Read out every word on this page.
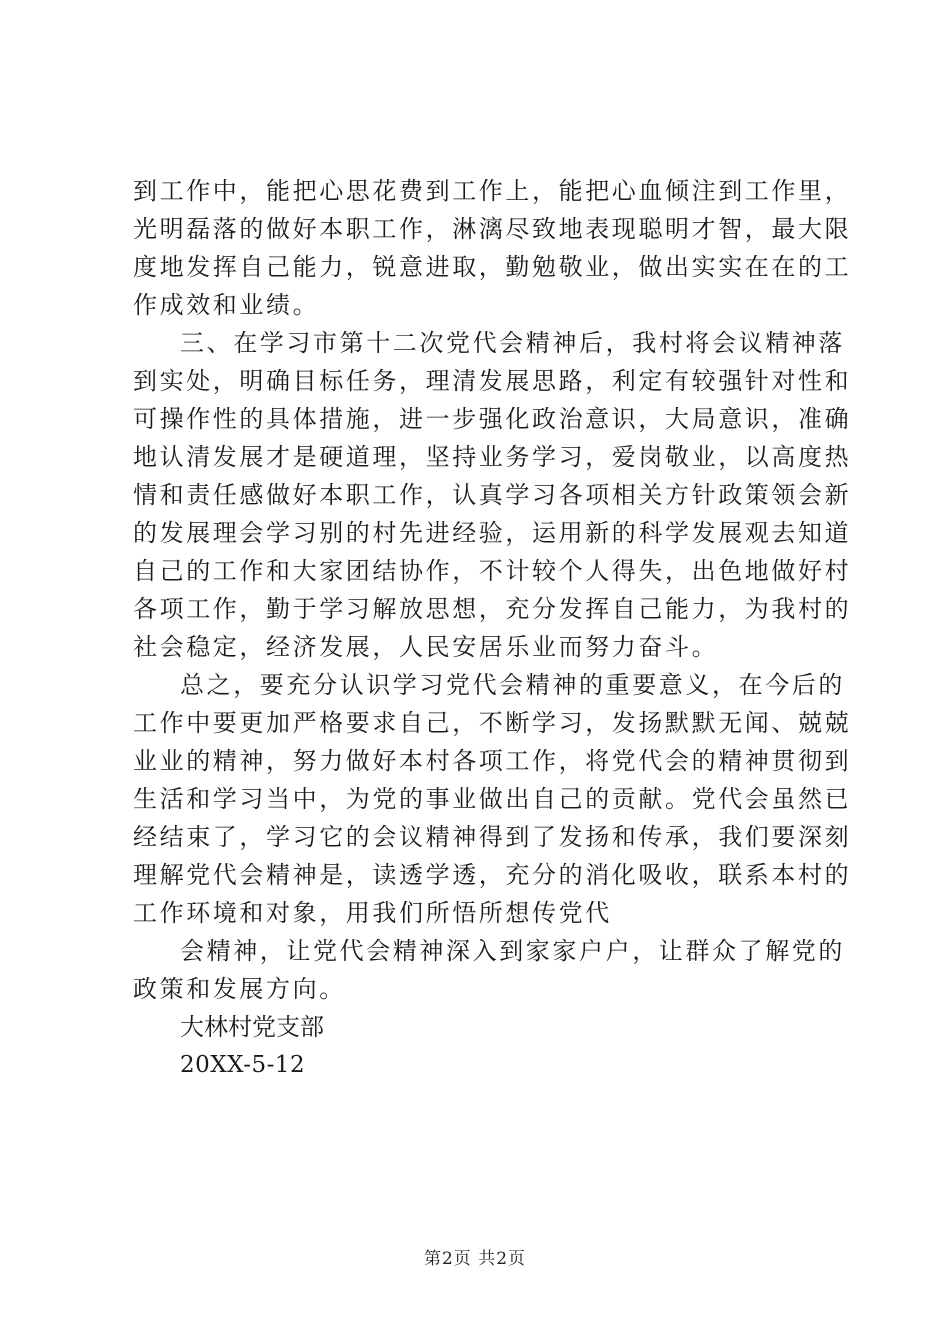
到工作中，能把心思花费到工作上，能把心血倾注到工作里，
光明磊落的做好本职工作，淋漓尽致地表现聪明才智，最大限
度地发挥自己能力，锐意进取，勤勉敬业，做出实实在在的工
作成效和业绩。
三、在学习市第十二次党代会精神后，我村将会议精神落
到实处，明确目标任务，理清发展思路，利定有较强针对性和
可操作性的具体措施，进一步强化政治意识，大局意识，准确
地认清发展才是硬道理，坚持业务学习，爱岗敬业，以高度热
情和责任感做好本职工作，认真学习各项相关方针政策领会新
的发展理会学习别的村先进经验，运用新的科学发展观去知道
自己的工作和大家团结协作，不计较个人得失，出色地做好村
各项工作，勤于学习解放思想，充分发挥自己能力，为我村的
社会稳定，经济发展，人民安居乐业而努力奋斗。
总之，要充分认识学习党代会精神的重要意义，在今后的
工作中要更加严格要求自己，不断学习，发扬默默无闻、兢兢
业业的精神，努力做好本村各项工作，将党代会的精神贯彻到
生活和学习当中，为党的事业做出自己的贡献。党代会虽然已
经结束了，学习它的会议精神得到了发扬和传承，我们要深刻
理解党代会精神是，读透学透，充分的消化吸收，联系本村的
工作环境和对象，用我们所悟所想传党代
会精神，让党代会精神深入到家家户户，让群众了解党的
政策和发展方向。
大林村党支部
20XX-5-12
第2页 共2页
